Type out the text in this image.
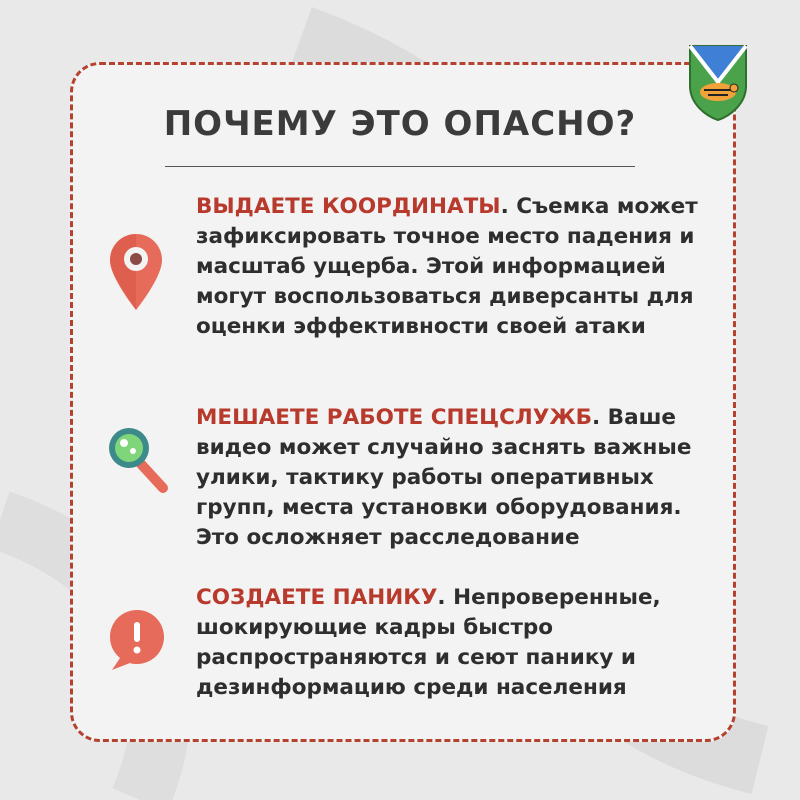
ПОЧЕМУ ЭТО ОПАСНО?
ВЫДАЕТЕ КООРДИНАТЫ. Съемка может зафиксировать точное место падения и масштаб ущерба. Этой информацией могут воспользоваться диверсанты для оценки эффективности своей атаки
МЕШАЕТЕ РАБОТЕ СПЕЦСЛУЖБ. Ваше видео может случайно заснять важные улики, тактику работы оперативных групп, места установки оборудования. Это осложняет расследование
СОЗДАЕТЕ ПАНИКУ. Непроверенные, шокирующие кадры быстро распространяются и сеют панику и дезинформацию среди населения
